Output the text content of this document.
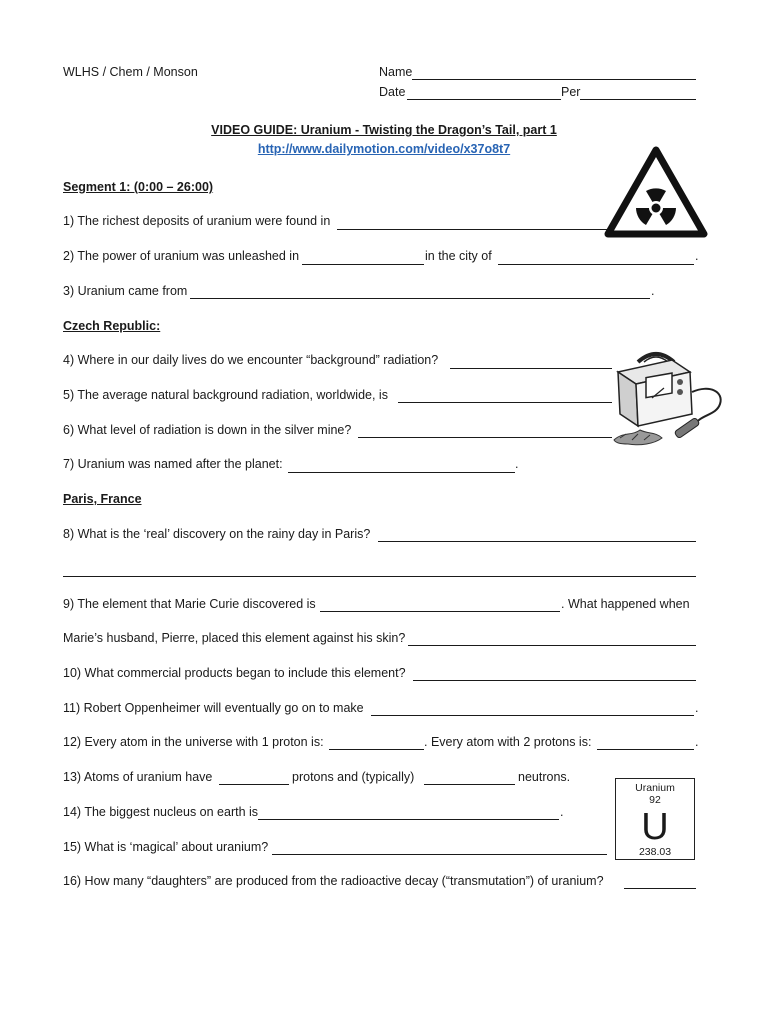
WLHS / Chem / Monson	Name
Date	Per
VIDEO GUIDE: Uranium - Twisting the Dragon’s Tail, part 1
http://www.dailymotion.com/video/x37o8t7
Segment 1: (0:00 – 26:00)
1) The richest deposits of uranium were found in
2) The power of uranium was unleashed in	in the city of	.
3) Uranium came from	.
Czech Republic:
4) Where in our daily lives do we encounter “background” radiation?
5) The average natural background radiation, worldwide, is
6) What level of radiation is down in the silver mine?
7) Uranium was named after the planet:	.
Paris, France
8) What is the ‘real’ discovery on the rainy day in Paris?
9) The element that Marie Curie discovered is	. What happened when
Marie’s husband, Pierre, placed this element against his skin?
10) What commercial products began to include this element?
11) Robert Oppenheimer will eventually go on to make	.
12) Every atom in the universe with 1 proton is:	. Every atom with 2 protons is:	.
13) Atoms of uranium have	protons and (typically)	neutrons.
14) The biggest nucleus on earth is	.
15) What is ‘magical’ about uranium?
Uranium
92
U
238.03
16) How many “daughters” are produced from the radioactive decay (“transmutation”) of uranium?
